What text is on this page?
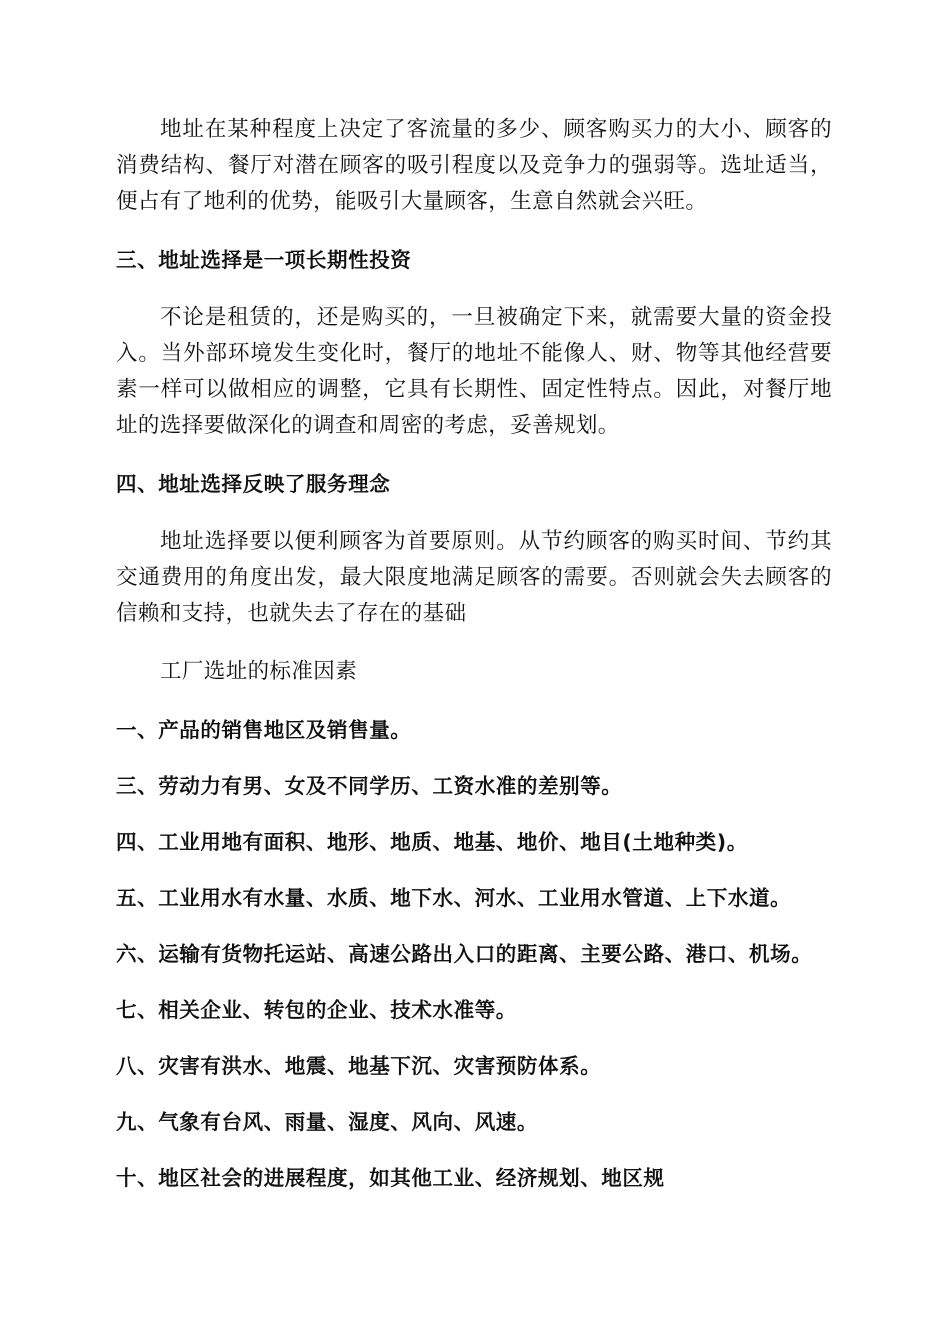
地址在某种程度上决定了客流量的多少、顾客购买力的大小、顾客的消费结构、餐厅对潜在顾客的吸引程度以及竞争力的强弱等。选址适当，便占有了地利的优势，能吸引大量顾客，生意自然就会兴旺。

三、地址选择是一项长期性投资

不论是租赁的，还是购买的，一旦被确定下来，就需要大量的资金投入。当外部环境发生变化时，餐厅的地址不能像人、财、物等其他经营要素一样可以做相应的调整，它具有长期性、固定性特点。因此，对餐厅地址的选择要做深化的调查和周密的考虑，妥善规划。

四、地址选择反映了服务理念

地址选择要以便利顾客为首要原则。从节约顾客的购买时间、节约其交通费用的角度出发，最大限度地满足顾客的需要。否则就会失去顾客的信赖和支持，也就失去了存在的基础

工厂选址的标准因素

一、产品的销售地区及销售量。

三、劳动力有男、女及不同学历、工资水准的差别等。

四、工业用地有面积、地形、地质、地基、地价、地目(土地种类)。

五、工业用水有水量、水质、地下水、河水、工业用水管道、上下水道。

六、运输有货物托运站、高速公路出入口的距离、主要公路、港口、机场。

七、相关企业、转包的企业、技术水准等。

八、灾害有洪水、地震、地基下沉、灾害预防体系。

九、气象有台风、雨量、湿度、风向、风速。

十、地区社会的进展程度，如其他工业、经济规划、地区规
